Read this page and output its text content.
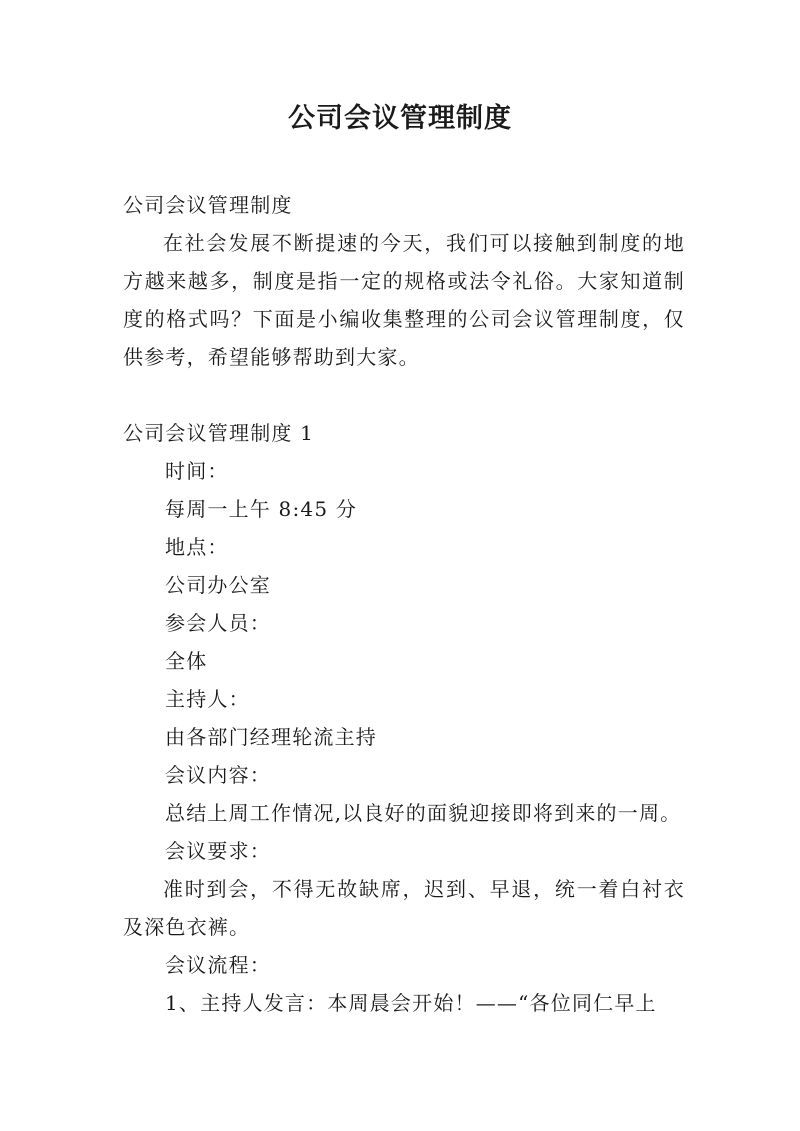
公司会议管理制度

公司会议管理制度

在社会发展不断提速的今天，我们可以接触到制度的地方越来越多，制度是指一定的规格或法令礼俗。大家知道制度的格式吗？下面是小编收集整理的公司会议管理制度，仅供参考，希望能够帮助到大家。

公司会议管理制度 1

时间：

每周一上午 8:45 分

地点：

公司办公室

参会人员：

全体

主持人：

由各部门经理轮流主持

会议内容：

总结上周工作情况,以良好的面貌迎接即将到来的一周。

会议要求：

准时到会，不得无故缺席，迟到、早退，统一着白衬衣及深色衣裤。

会议流程：

1、主持人发言：本周晨会开始！——“各位同仁早上
